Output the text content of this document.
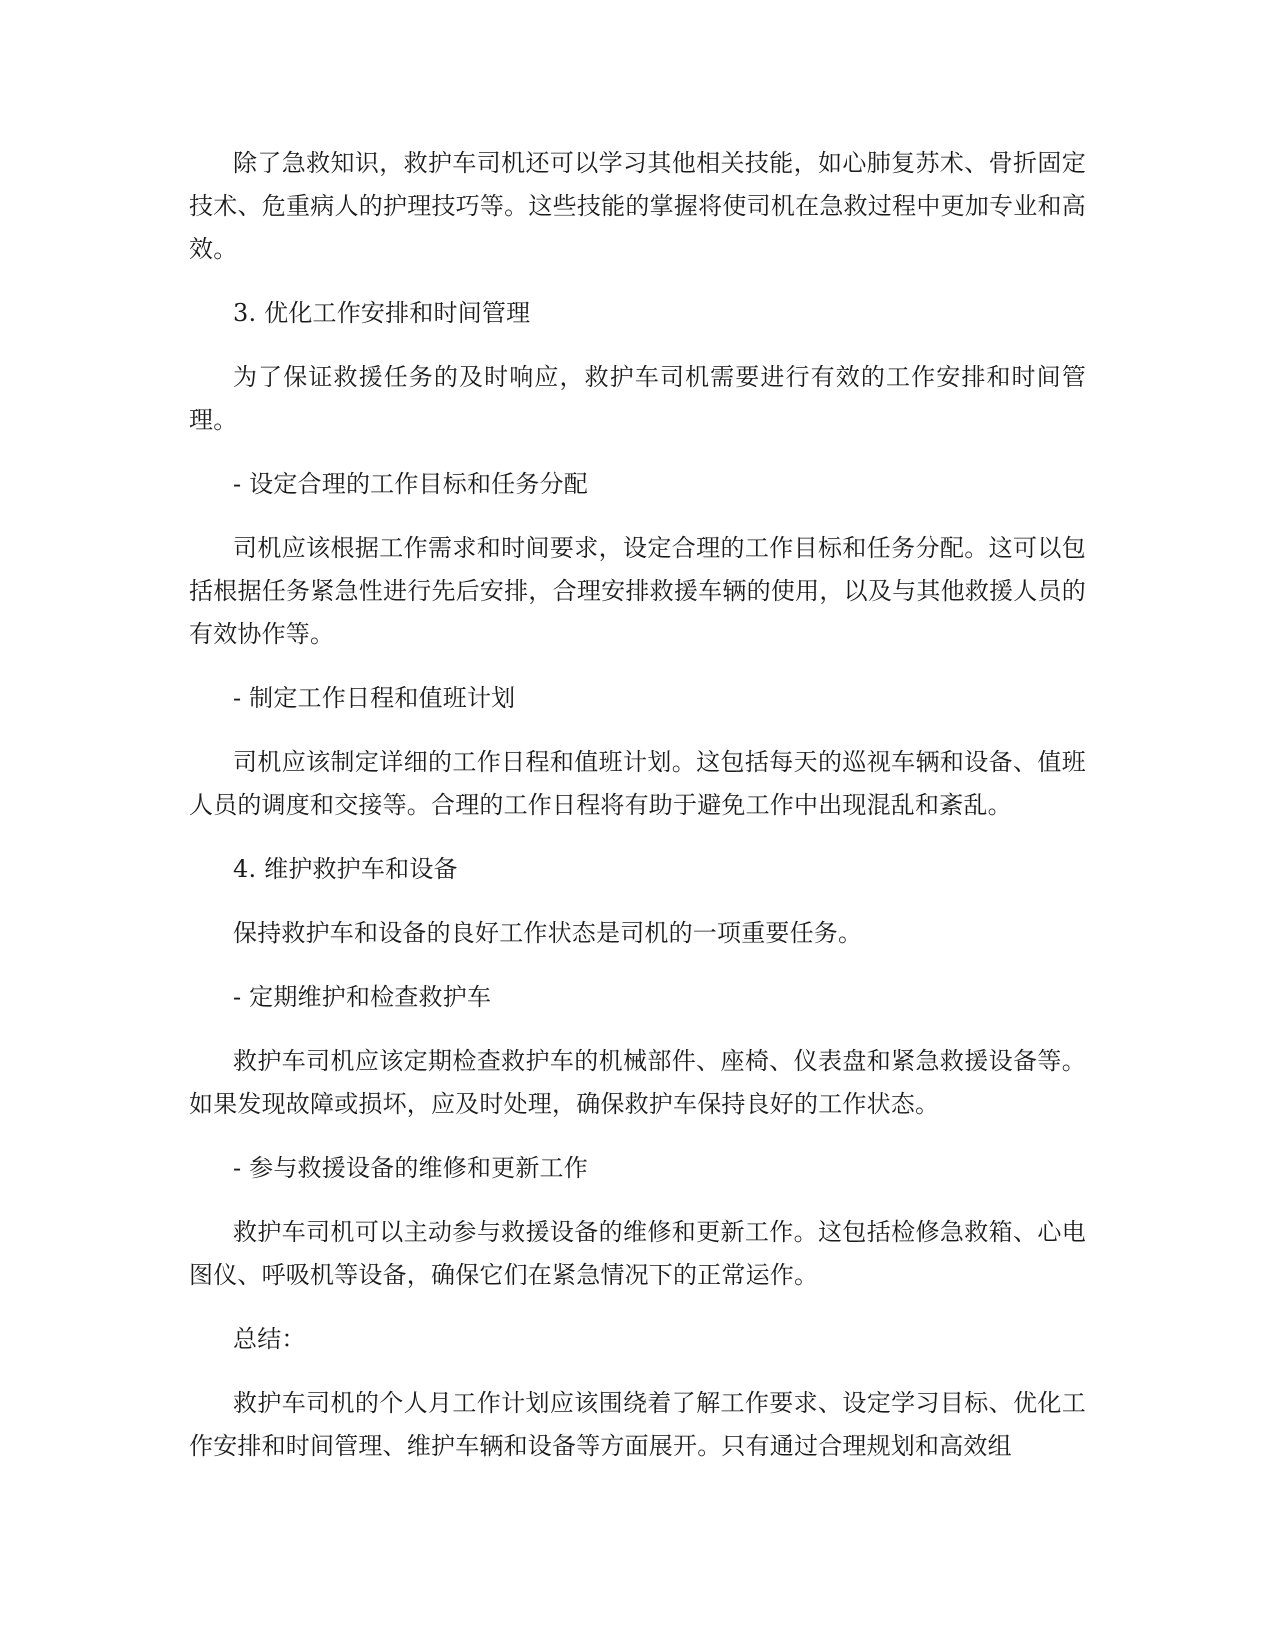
除了急救知识，救护车司机还可以学习其他相关技能，如心肺复苏术、骨折固定技术、危重病人的护理技巧等。这些技能的掌握将使司机在急救过程中更加专业和高效。

3. 优化工作安排和时间管理

为了保证救援任务的及时响应，救护车司机需要进行有效的工作安排和时间管理。

- 设定合理的工作目标和任务分配

司机应该根据工作需求和时间要求，设定合理的工作目标和任务分配。这可以包括根据任务紧急性进行先后安排，合理安排救援车辆的使用，以及与其他救援人员的有效协作等。

- 制定工作日程和值班计划

司机应该制定详细的工作日程和值班计划。这包括每天的巡视车辆和设备、值班人员的调度和交接等。合理的工作日程将有助于避免工作中出现混乱和紊乱。

4. 维护救护车和设备

保持救护车和设备的良好工作状态是司机的一项重要任务。

- 定期维护和检查救护车

救护车司机应该定期检查救护车的机械部件、座椅、仪表盘和紧急救援设备等。如果发现故障或损坏，应及时处理，确保救护车保持良好的工作状态。

- 参与救援设备的维修和更新工作

救护车司机可以主动参与救援设备的维修和更新工作。这包括检修急救箱、心电图仪、呼吸机等设备，确保它们在紧急情况下的正常运作。

总结：

救护车司机的个人月工作计划应该围绕着了解工作要求、设定学习目标、优化工作安排和时间管理、维护车辆和设备等方面展开。只有通过合理规划和高效组
